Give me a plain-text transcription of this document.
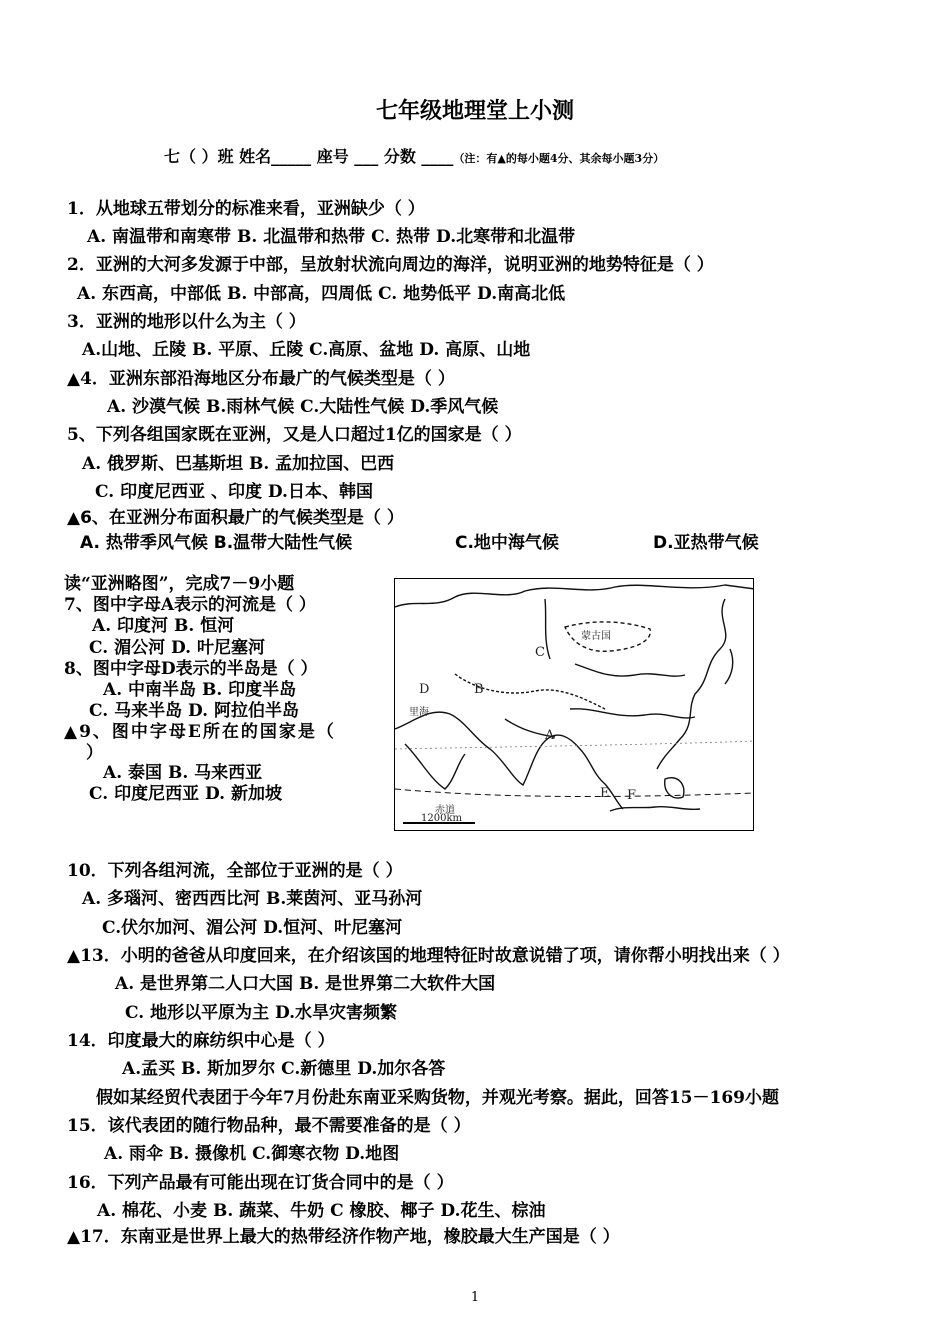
七年级地理堂上小测
七（ ）班 姓名_____ 座号 ___ 分数 ____（注：有▲的每小题4分、其余每小题3分）
1．从地球五带划分的标准来看，亚洲缺少（ ）
A. 南温带和南寒带 B. 北温带和热带 C. 热带 D.北寒带和北温带
2．亚洲的大河多发源于中部，呈放射状流向周边的海洋，说明亚洲的地势特征是（ ）
A. 东西高，中部低 B. 中部高，四周低 C. 地势低平 D.南高北低
3．亚洲的地形以什么为主（ ）
A.山地、丘陵 B. 平原、丘陵 C.高原、盆地 D. 高原、山地
▲4．亚洲东部沿海地区分布最广的气候类型是（ ）
A. 沙漠气候 B.雨林气候 C.大陆性气候 D.季风气候
5、下列各组国家既在亚洲，又是人口超过1亿的国家是（ ）
A. 俄罗斯、巴基斯坦 B. 孟加拉国、巴西
C. 印度尼西亚 、印度 D.日本、韩国
▲6、在亚洲分布面积最广的气候类型是（ ）
A. 热带季风气候 B.温带大陆性气候	C.地中海气候	D.亚热带气候
读“亚洲略图”，完成7－9小题
7、图中字母A表示的河流是（ ）
A. 印度河 B. 恒河
C. 湄公河 D. 叶尼塞河
8、图中字母D表示的半岛是（ ）
A. 中南半岛 B. 印度半岛
C. 马来半岛 D. 阿拉伯半岛
▲9、图中字母E所在的国家是（
）
A. 泰国 B. 马来西亚
C. 印度尼西亚 D. 新加坡
C
D	B
A
E F
蒙古国
里海
赤道
1200km
10．下列各组河流，全部位于亚洲的是（ ）
A. 多瑙河、密西西比河 B.莱茵河、亚马孙河
C.伏尔加河、湄公河 D.恒河、叶尼塞河
▲13．小明的爸爸从印度回来，在介绍该国的地理特征时故意说错了项，请你帮小明找出来（ ）
A. 是世界第二人口大国 B. 是世界第二大软件大国
C. 地形以平原为主 D.水旱灾害频繁
14．印度最大的麻纺织中心是（ ）
A.孟买 B. 斯加罗尔 C.新德里 D.加尔各答
假如某经贸代表团于今年7月份赴东南亚采购货物，并观光考察。据此，回答15－169小题
15．该代表团的随行物品种，最不需要准备的是（ ）
A. 雨伞 B. 摄像机 C.御寒衣物 D.地图
16．下列产品最有可能出现在订货合同中的是（ ）
A. 棉花、小麦 B. 蔬菜、牛奶 C 橡胶、椰子 D.花生、棕油
▲17．东南亚是世界上最大的热带经济作物产地，橡胶最大生产国是（ ）
1
